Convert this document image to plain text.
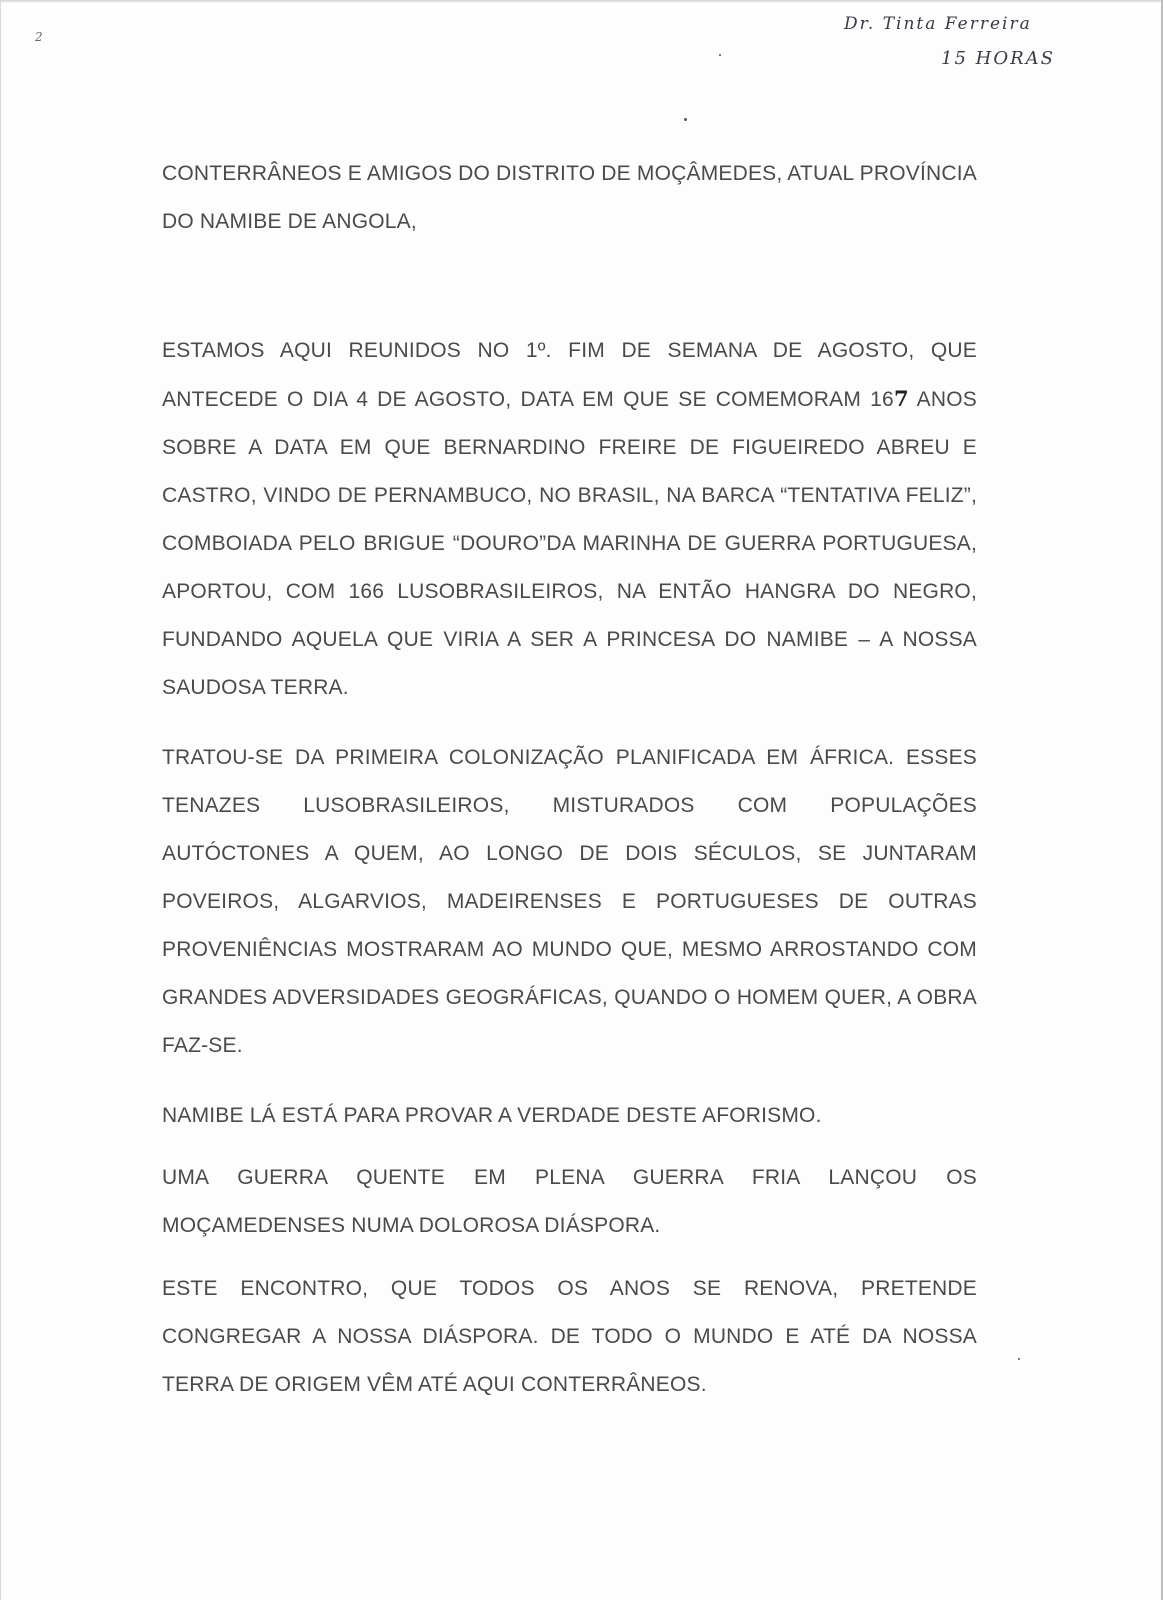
2
Dr. Tinta Ferreira
15 HORAS

CONTERRÂNEOS E AMIGOS DO DISTRITO DE MOÇÂMEDES, ATUAL PROVÍNCIA DO NAMIBE DE ANGOLA,

ESTAMOS AQUI REUNIDOS NO 1º. FIM DE SEMANA DE AGOSTO, QUE ANTECEDE O DIA 4 DE AGOSTO, DATA EM QUE SE COMEMORAM 167 ANOS SOBRE A DATA EM QUE BERNARDINO FREIRE DE FIGUEIREDO ABREU E CASTRO, VINDO DE PERNAMBUCO, NO BRASIL, NA BARCA “TENTATIVA FELIZ”, COMBOIADA PELO BRIGUE “DOURO”DA MARINHA DE GUERRA PORTUGUESA, APORTOU, COM 166 LUSOBRASILEIROS, NA ENTÃO HANGRA DO NEGRO, FUNDANDO AQUELA QUE VIRIA A SER A PRINCESA DO NAMIBE – A NOSSA SAUDOSA TERRA.

TRATOU-SE DA PRIMEIRA COLONIZAÇÃO PLANIFICADA EM ÁFRICA. ESSES TENAZES LUSOBRASILEIROS, MISTURADOS COM POPULAÇÕES AUTÓCTONES A QUEM, AO LONGO DE DOIS SÉCULOS, SE JUNTARAM POVEIROS, ALGARVIOS, MADEIRENSES E PORTUGUESES DE OUTRAS PROVENIÊNCIAS MOSTRARAM AO MUNDO QUE, MESMO ARROSTANDO COM GRANDES ADVERSIDADES GEOGRÁFICAS, QUANDO O HOMEM QUER, A OBRA FAZ-SE.

NAMIBE LÁ ESTÁ PARA PROVAR A VERDADE DESTE AFORISMO.

UMA GUERRA QUENTE EM PLENA GUERRA FRIA LANÇOU OS MOÇAMEDENSES NUMA DOLOROSA DIÁSPORA.

ESTE ENCONTRO, QUE TODOS OS ANOS SE RENOVA, PRETENDE CONGREGAR A NOSSA DIÁSPORA. DE TODO O MUNDO E ATÉ DA NOSSA TERRA DE ORIGEM VÊM ATÉ AQUI CONTERRÂNEOS.
